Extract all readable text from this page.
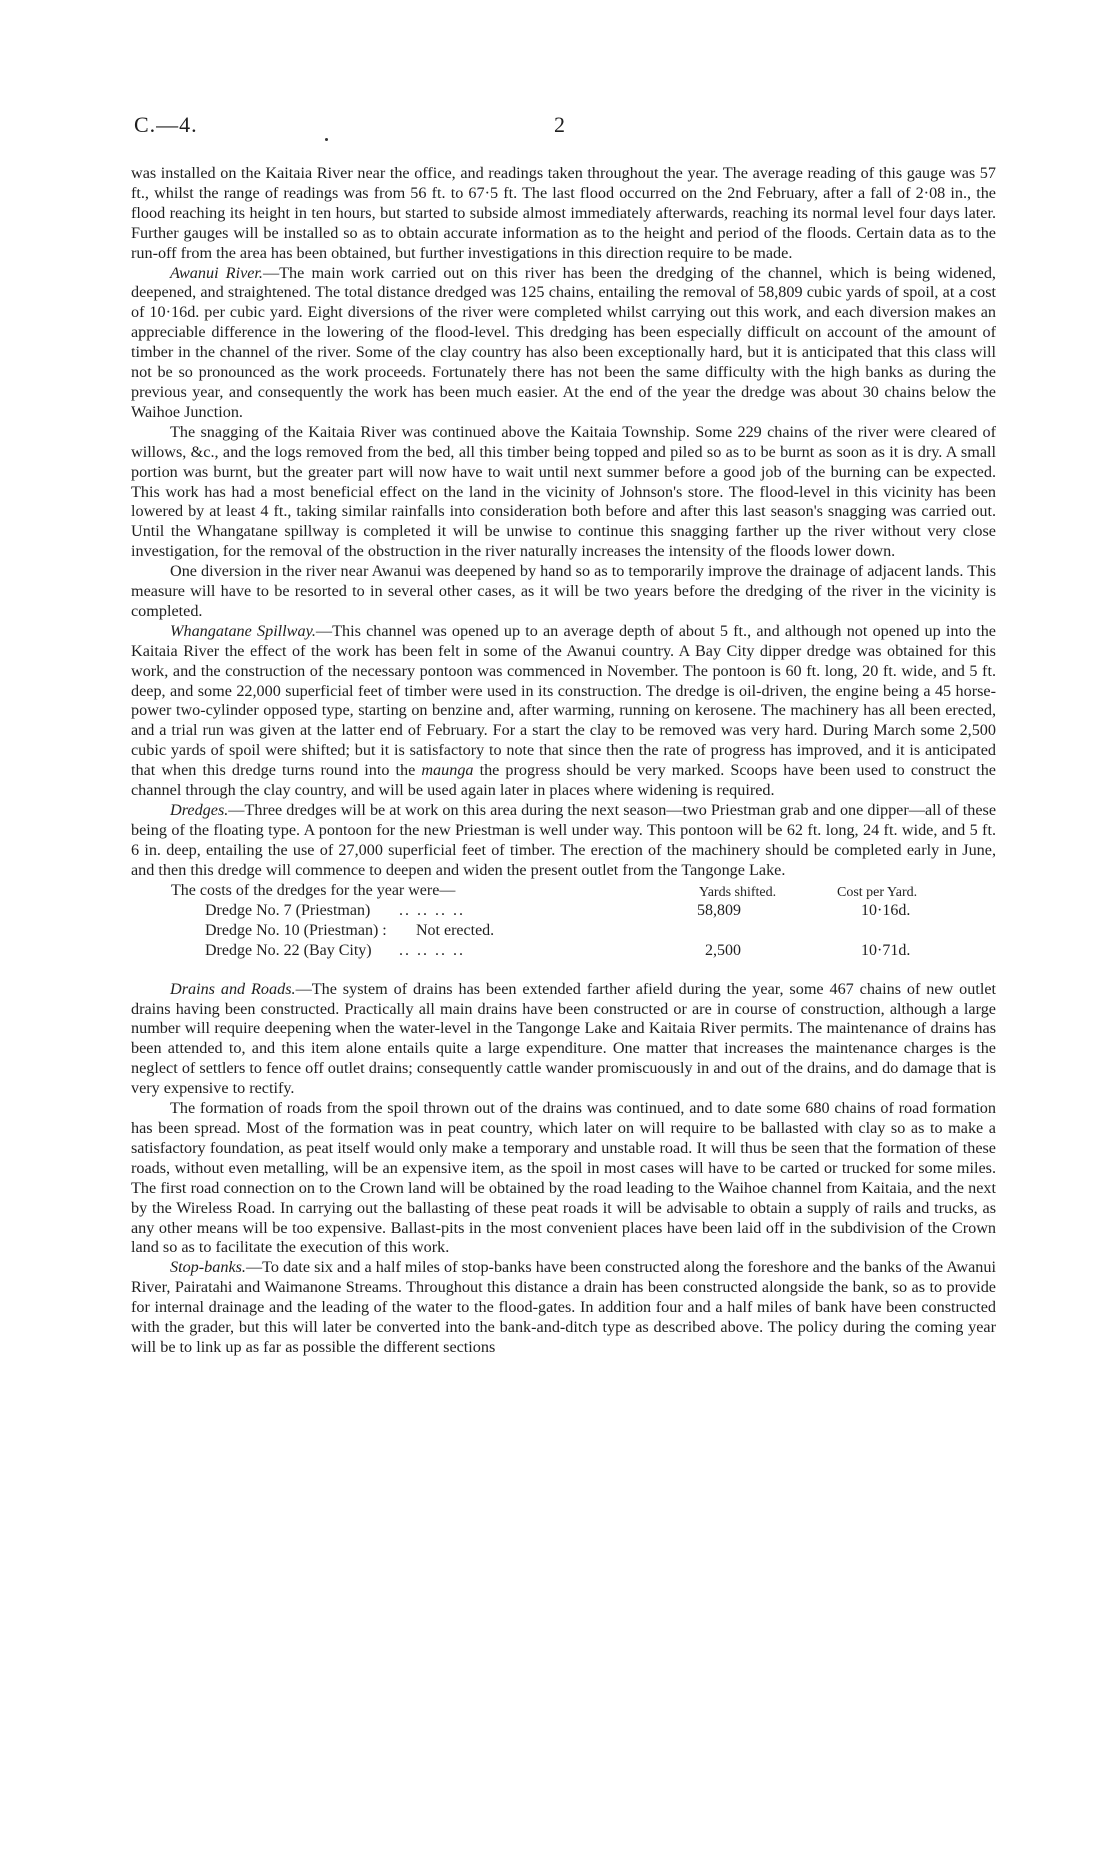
C.—4.	2

was installed on the Kaitaia River near the office, and readings taken throughout the year. The average reading of this gauge was 57 ft., whilst the range of readings was from 56 ft. to 67·5 ft. The last flood occurred on the 2nd February, after a fall of 2·08 in., the flood reaching its height in ten hours, but started to subside almost immediately afterwards, reaching its normal level four days later. Further gauges will be installed so as to obtain accurate information as to the height and period of the floods. Certain data as to the run-off from the area has been obtained, but further investigations in this direction require to be made.

Awanui River.—The main work carried out on this river has been the dredging of the channel, which is being widened, deepened, and straightened. The total distance dredged was 125 chains, entailing the removal of 58,809 cubic yards of spoil, at a cost of 10·16d. per cubic yard. Eight diversions of the river were completed whilst carrying out this work, and each diversion makes an appreciable difference in the lowering of the flood-level. This dredging has been especially difficult on account of the amount of timber in the channel of the river. Some of the clay country has also been exceptionally hard, but it is anticipated that this class will not be so pronounced as the work proceeds. Fortunately there has not been the same difficulty with the high banks as during the previous year, and consequently the work has been much easier. At the end of the year the dredge was about 30 chains below the Waihoe Junction.

The snagging of the Kaitaia River was continued above the Kaitaia Township. Some 229 chains of the river were cleared of willows, &c., and the logs removed from the bed, all this timber being topped and piled so as to be burnt as soon as it is dry. A small portion was burnt, but the greater part will now have to wait until next summer before a good job of the burning can be expected. This work has had a most beneficial effect on the land in the vicinity of Johnson's store. The flood-level in this vicinity has been lowered by at least 4 ft., taking similar rainfalls into consideration both before and after this last season's snagging was carried out. Until the Whangatane spillway is completed it will be unwise to continue this snagging farther up the river without very close investigation, for the removal of the obstruction in the river naturally increases the intensity of the floods lower down.

One diversion in the river near Awanui was deepened by hand so as to temporarily improve the drainage of adjacent lands. This measure will have to be resorted to in several other cases, as it will be two years before the dredging of the river in the vicinity is completed.

Whangatane Spillway.—This channel was opened up to an average depth of about 5 ft., and although not opened up into the Kaitaia River the effect of the work has been felt in some of the Awanui country. A Bay City dipper dredge was obtained for this work, and the construction of the necessary pontoon was commenced in November. The pontoon is 60 ft. long, 20 ft. wide, and 5 ft. deep, and some 22,000 superficial feet of timber were used in its construction. The dredge is oil-driven, the engine being a 45 horse-power two-cylinder opposed type, starting on benzine and, after warming, running on kerosene. The machinery has all been erected, and a trial run was given at the latter end of February. For a start the clay to be removed was very hard. During March some 2,500 cubic yards of spoil were shifted; but it is satisfactory to note that since then the rate of progress has improved, and it is anticipated that when this dredge turns round into the maunga the progress should be very marked. Scoops have been used to construct the channel through the clay country, and will be used again later in places where widening is required.

Dredges.—Three dredges will be at work on this area during the next season—two Priestman grab and one dipper—all of these being of the floating type. A pontoon for the new Priestman is well under way. This pontoon will be 62 ft. long, 24 ft. wide, and 5 ft. 6 in. deep, entailing the use of 27,000 superficial feet of timber. The erection of the machinery should be completed early in June, and then this dredge will commence to deepen and widen the present outlet from the Tangonge Lake.

The costs of the dredges for the year were—	Yards shifted.	Cost per Yard.
Dredge No. 7 (Priestman) .. .. .. ..	58,809	10·16d.
Dredge No. 10 (Priestman) : Not erected.
Dredge No. 22 (Bay City) .. .. .. ..	2,500	10·71d.

Drains and Roads.—The system of drains has been extended farther afield during the year, some 467 chains of new outlet drains having been constructed. Practically all main drains have been constructed or are in course of construction, although a large number will require deepening when the water-level in the Tangonge Lake and Kaitaia River permits. The maintenance of drains has been attended to, and this item alone entails quite a large expenditure. One matter that increases the maintenance charges is the neglect of settlers to fence off outlet drains; consequently cattle wander promiscuously in and out of the drains, and do damage that is very expensive to rectify.

The formation of roads from the spoil thrown out of the drains was continued, and to date some 680 chains of road formation has been spread. Most of the formation was in peat country, which later on will require to be ballasted with clay so as to make a satisfactory foundation, as peat itself would only make a temporary and unstable road. It will thus be seen that the formation of these roads, without even metalling, will be an expensive item, as the spoil in most cases will have to be carted or trucked for some miles. The first road connection on to the Crown land will be obtained by the road leading to the Waihoe channel from Kaitaia, and the next by the Wireless Road. In carrying out the ballasting of these peat roads it will be advisable to obtain a supply of rails and trucks, as any other means will be too expensive. Ballast-pits in the most convenient places have been laid off in the subdivision of the Crown land so as to facilitate the execution of this work.

Stop-banks.—To date six and a half miles of stop-banks have been constructed along the foreshore and the banks of the Awanui River, Pairatahi and Waimanone Streams. Throughout this distance a drain has been constructed alongside the bank, so as to provide for internal drainage and the leading of the water to the flood-gates. In addition four and a half miles of bank have been constructed with the grader, but this will later be converted into the bank-and-ditch type as described above. The policy during the coming year will be to link up as far as possible the different sections
